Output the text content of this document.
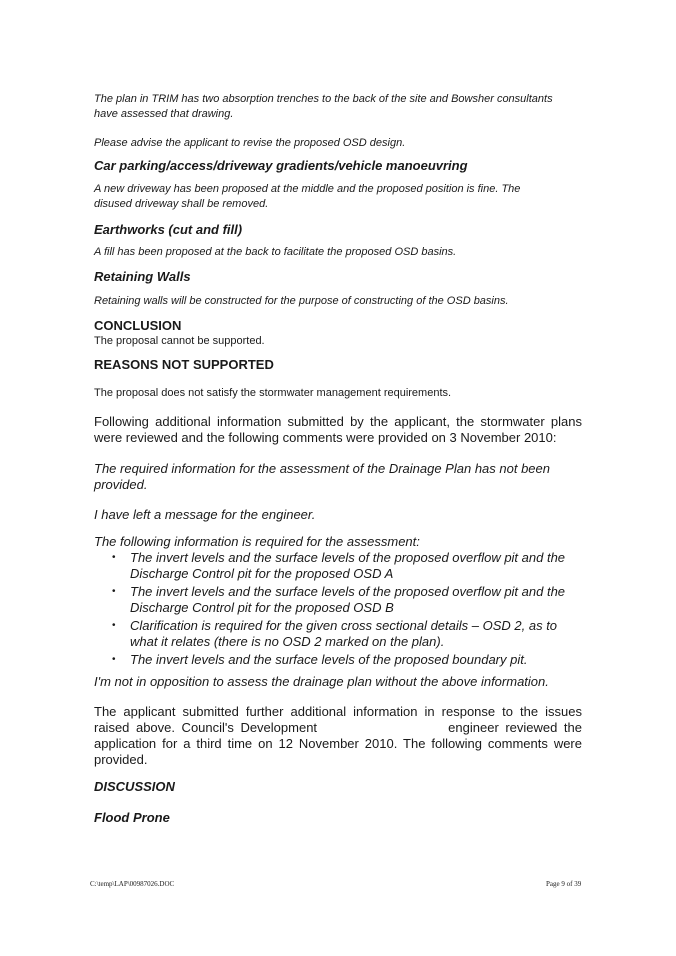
The plan in TRIM has two absorption trenches to the back of the site and Bowsher consultants have assessed that drawing.
Please advise the applicant to revise the proposed OSD design.
Car parking/access/driveway gradients/vehicle manoeuvring
A new driveway has been proposed at the middle and the proposed position is fine. The disused driveway shall be removed.
Earthworks (cut and fill)
A fill has been proposed at the back to facilitate the proposed OSD basins.
Retaining Walls
Retaining walls will be constructed for the purpose of constructing of the OSD basins.
CONCLUSION
The proposal cannot be supported.
REASONS NOT SUPPORTED
The proposal does not satisfy the stormwater management requirements.
Following additional information submitted by the applicant, the stormwater plans were reviewed and the following comments were provided on 3 November 2010:
The required information for the assessment of the Drainage Plan has not been provided.
I have left a message for the engineer.
The following information is required for the assessment:
• The invert levels and the surface levels of the proposed overflow pit and the Discharge Control pit for the proposed OSD A
• The invert levels and the surface levels of the proposed overflow pit and the Discharge Control pit for the proposed OSD B
• Clarification is required for the given cross sectional details – OSD 2, as to what it relates (there is no OSD 2 marked on the plan).
• The invert levels and the surface levels of the proposed boundary pit.
I'm not in opposition to assess the drainage plan without the above information.
The applicant submitted further additional information in response to the issues raised above. Council's Development	engineer reviewed the application for a third time on 12 November 2010. The following comments were provided.
DISCUSSION
Flood Prone
C:\temp\LAP\00987026.DOC	Page 9 of 39
